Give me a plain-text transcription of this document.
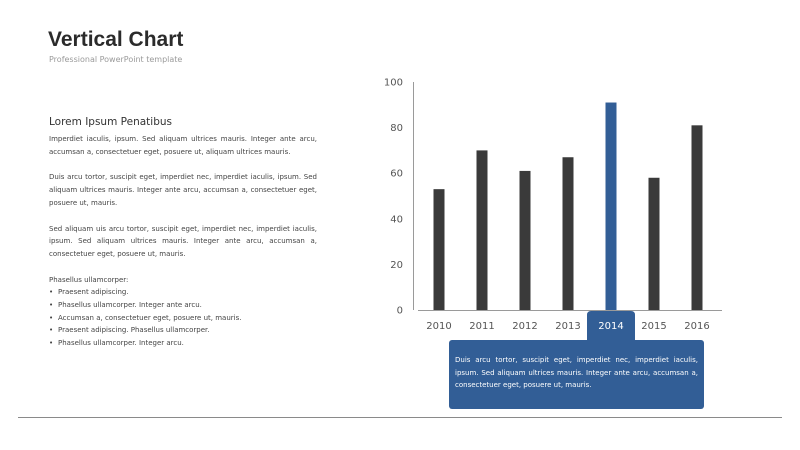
Vertical Chart
Professional PowerPoint template
Lorem Ipsum Penatibus

Imperdiet iaculis, ipsum. Sed aliquam ultrices mauris. Integer ante arcu, accumsan a, consectetuer eget, posuere ut, aliquam ultrices mauris.

Duis arcu tortor, suscipit eget, imperdiet nec, imperdiet iaculis, ipsum. Sed aliquam ultrices mauris. Integer ante arcu, accumsan a, consectetuer eget, posuere ut, mauris.

Sed aliquam uis arcu tortor, suscipit eget, imperdiet nec, imperdiet iaculis, ipsum. Sed aliquam ultrices mauris. Integer ante arcu, accumsan a, consectetuer eget, posuere ut, mauris.

Phasellus ullamcorper:

• Praesent adipiscing.
• Phasellus ullamcorper. Integer ante arcu.
• Accumsan a, consectetuer eget, posuere ut, mauris.
• Praesent adipiscing. Phasellus ullamcorper.
• Phasellus ullamcorper. Integer arcu.
Duis arcu tortor, suscipit eget, imperdiet nec, imperdiet iaculis, ipsum. Sed aliquam ultrices mauris. Integer ante arcu, accumsan a, consectetuer eget, posuere ut, mauris.
0
20
40
60
80
100
2010 2011 2012 2013 2014 2015 2016
